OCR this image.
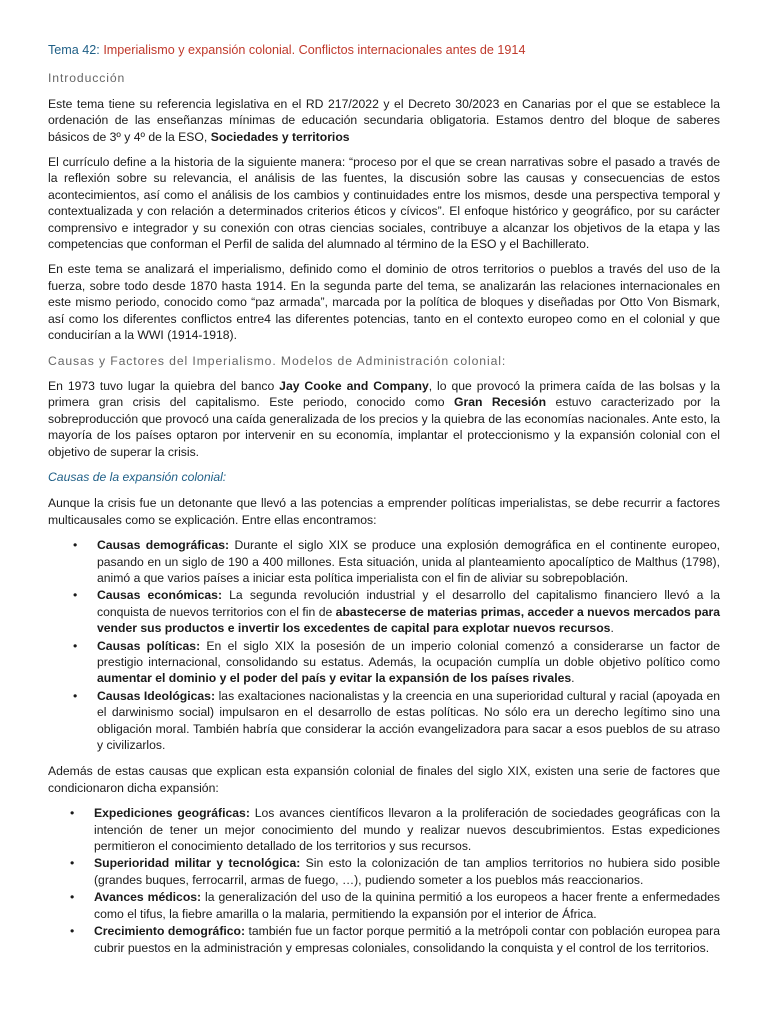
Tema 42: Imperialismo y expansión colonial. Conflictos internacionales antes de 1914
Introducción

Este tema tiene su referencia legislativa en el RD 217/2022 y el Decreto 30/2023 en Canarias por el que se establece la ordenación de las enseñanzas mínimas de educación secundaria obligatoria. Estamos dentro del bloque de saberes básicos de 3º y 4º de la ESO, Sociedades y territorios

El currículo define a la historia de la siguiente manera: “proceso por el que se crean narrativas sobre el pasado a través de la reflexión sobre su relevancia, el análisis de las fuentes, la discusión sobre las causas y consecuencias de estos acontecimientos, así como el análisis de los cambios y continuidades entre los mismos, desde una perspectiva temporal y contextualizada y con relación a determinados criterios éticos y cívicos”. El enfoque histórico y geográfico, por su carácter comprensivo e integrador y su conexión con otras ciencias sociales, contribuye a alcanzar los objetivos de la etapa y las competencias que conforman el Perfil de salida del alumnado al término de la ESO y el Bachillerato.

En este tema se analizará el imperialismo, definido como el dominio de otros territorios o pueblos a través del uso de la fuerza, sobre todo desde 1870 hasta 1914. En la segunda parte del tema, se analizarán las relaciones internacionales en este mismo periodo, conocido como “paz armada”, marcada por la política de bloques y diseñadas por Otto Von Bismark, así como los diferentes conflictos entre4 las diferentes potencias, tanto en el contexto europeo como en el colonial y que conducirían a la WWI (1914-1918).

Causas y Factores del Imperialismo. Modelos de Administración colonial:

En 1973 tuvo lugar la quiebra del banco Jay Cooke and Company, lo que provocó la primera caída de las bolsas y la primera gran crisis del capitalismo. Este periodo, conocido como Gran Recesión estuvo caracterizado por la sobreproducción que provocó una caída generalizada de los precios y la quiebra de las economías nacionales. Ante esto, la mayoría de los países optaron por intervenir en su economía, implantar el proteccionismo y la expansión colonial con el objetivo de superar la crisis.

Causas de la expansión colonial:

Aunque la crisis fue un detonante que llevó a las potencias a emprender políticas imperialistas, se debe recurrir a factores multicausales como se explicación. Entre ellas encontramos:

• Causas demográficas: Durante el siglo XIX se produce una explosión demográfica en el continente europeo, pasando en un siglo de 190 a 400 millones. Esta situación, unida al planteamiento apocalíptico de Malthus (1798), animó a que varios países a iniciar esta política imperialista con el fin de aliviar su sobrepoblación.
• Causas económicas: La segunda revolución industrial y el desarrollo del capitalismo financiero llevó a la conquista de nuevos territorios con el fin de abastecerse de materias primas, acceder a nuevos mercados para vender sus productos e invertir los excedentes de capital para explotar nuevos recursos.
• Causas políticas: En el siglo XIX la posesión de un imperio colonial comenzó a considerarse un factor de prestigio internacional, consolidando su estatus. Además, la ocupación cumplía un doble objetivo político como aumentar el dominio y el poder del país y evitar la expansión de los países rivales.
• Causas Ideológicas: las exaltaciones nacionalistas y la creencia en una superioridad cultural y racial (apoyada en el darwinismo social) impulsaron en el desarrollo de estas políticas. No sólo era un derecho legítimo sino una obligación moral. También habría que considerar la acción evangelizadora para sacar a esos pueblos de su atraso y civilizarlos.

Además de estas causas que explican esta expansión colonial de finales del siglo XIX, existen una serie de factores que condicionaron dicha expansión:

• Expediciones geográficas: Los avances científicos llevaron a la proliferación de sociedades geográficas con la intención de tener un mejor conocimiento del mundo y realizar nuevos descubrimientos. Estas expediciones permitieron el conocimiento detallado de los territorios y sus recursos.
• Superioridad militar y tecnológica: Sin esto la colonización de tan amplios territorios no hubiera sido posible (grandes buques, ferrocarril, armas de fuego, …), pudiendo someter a los pueblos más reaccionarios.
• Avances médicos: la generalización del uso de la quinina permitió a los europeos a hacer frente a enfermedades como el tifus, la fiebre amarilla o la malaria, permitiendo la expansión por el interior de África.
• Crecimiento demográfico: también fue un factor porque permitió a la metrópoli contar con población europea para cubrir puestos en la administración y empresas coloniales, consolidando la conquista y el control de los territorios.
